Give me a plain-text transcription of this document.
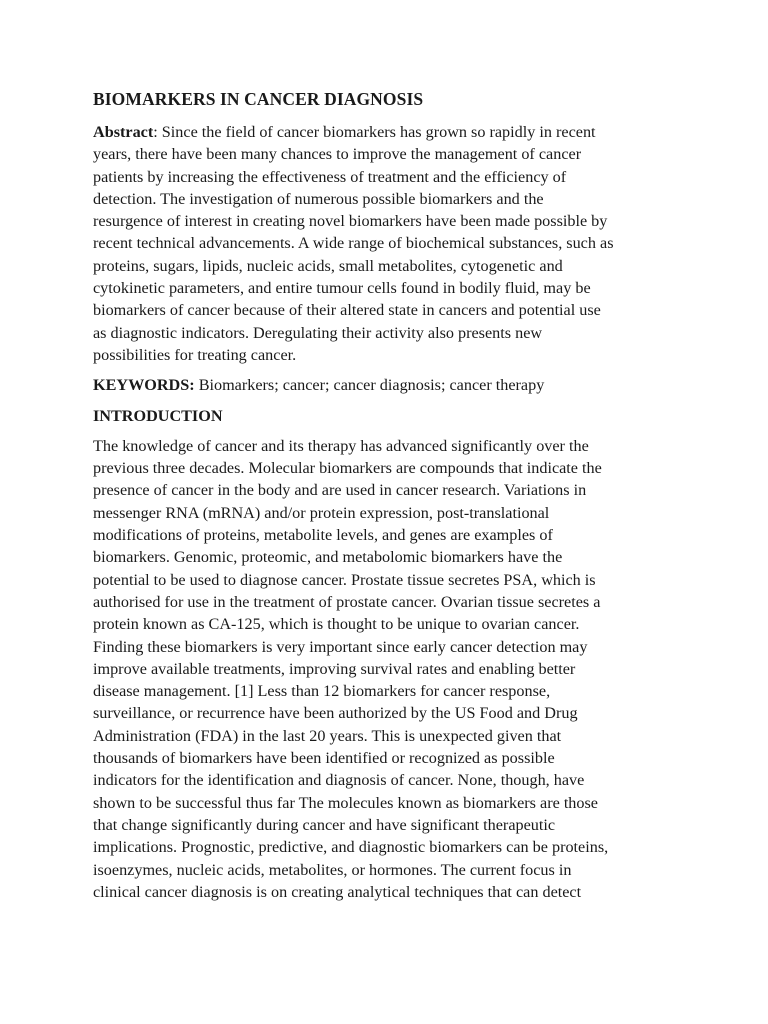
BIOMARKERS IN CANCER DIAGNOSIS
Abstract: Since the field of cancer biomarkers has grown so rapidly in recent
years, there have been many chances to improve the management of cancer
patients by increasing the effectiveness of treatment and the efficiency of
detection. The investigation of numerous possible biomarkers and the
resurgence of interest in creating novel biomarkers have been made possible by
recent technical advancements. A wide range of biochemical substances, such as
proteins, sugars, lipids, nucleic acids, small metabolites, cytogenetic and
cytokinetic parameters, and entire tumour cells found in bodily fluid, may be
biomarkers of cancer because of their altered state in cancers and potential use
as diagnostic indicators. Deregulating their activity also presents new
possibilities for treating cancer.
KEYWORDS: Biomarkers; cancer; cancer diagnosis; cancer therapy
INTRODUCTION
The knowledge of cancer and its therapy has advanced significantly over the
previous three decades. Molecular biomarkers are compounds that indicate the
presence of cancer in the body and are used in cancer research. Variations in
messenger RNA (mRNA) and/or protein expression, post-translational
modifications of proteins, metabolite levels, and genes are examples of
biomarkers. Genomic, proteomic, and metabolomic biomarkers have the
potential to be used to diagnose cancer. Prostate tissue secretes PSA, which is
authorised for use in the treatment of prostate cancer. Ovarian tissue secretes a
protein known as CA-125, which is thought to be unique to ovarian cancer.
Finding these biomarkers is very important since early cancer detection may
improve available treatments, improving survival rates and enabling better
disease management. [1] Less than 12 biomarkers for cancer response,
surveillance, or recurrence have been authorized by the US Food and Drug
Administration (FDA) in the last 20 years. This is unexpected given that
thousands of biomarkers have been identified or recognized as possible
indicators for the identification and diagnosis of cancer. None, though, have
shown to be successful thus far The molecules known as biomarkers are those
that change significantly during cancer and have significant therapeutic
implications. Prognostic, predictive, and diagnostic biomarkers can be proteins,
isoenzymes, nucleic acids, metabolites, or hormones. The current focus in
clinical cancer diagnosis is on creating analytical techniques that can detect
